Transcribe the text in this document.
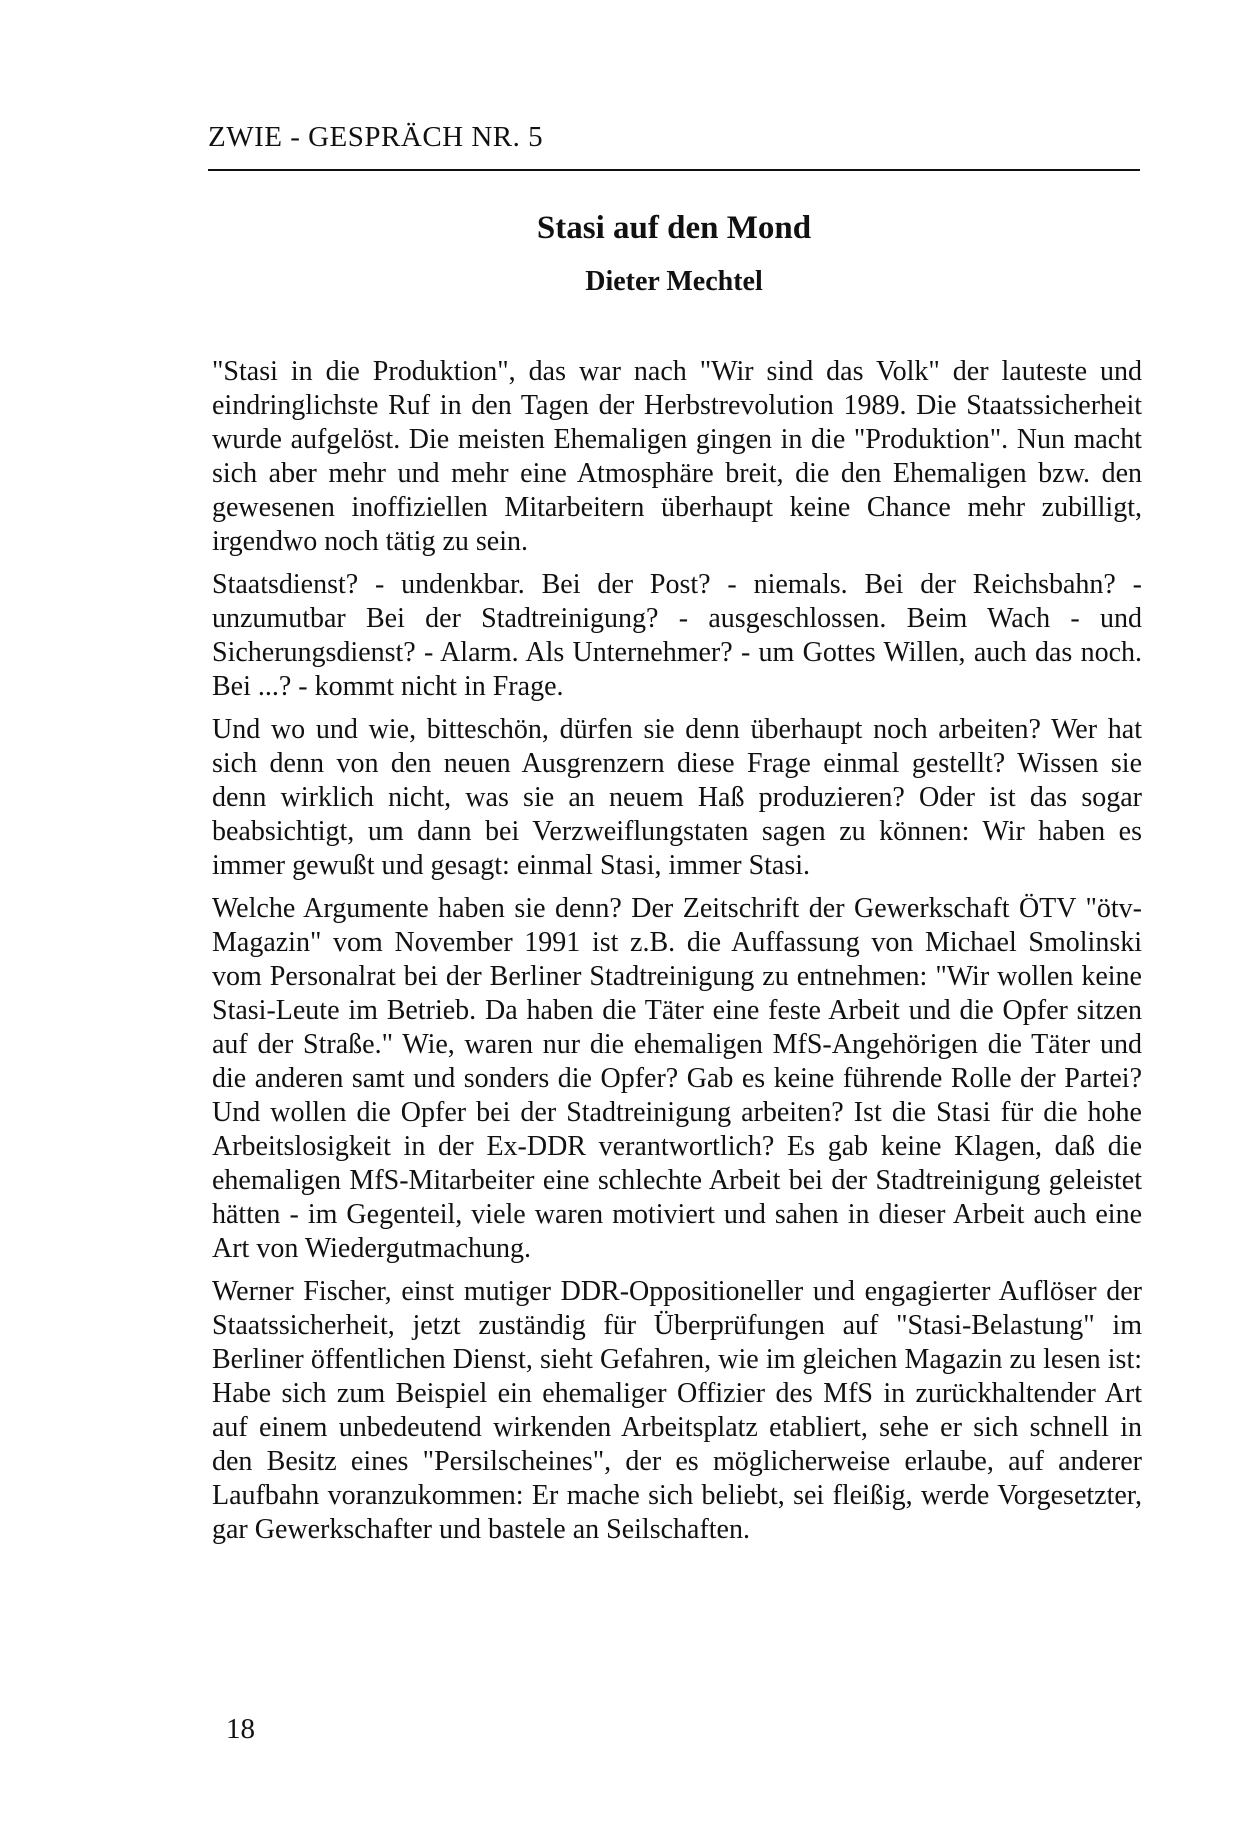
ZWIE - GESPRÄCH NR. 5
Stasi auf den Mond
Dieter Mechtel

"Stasi in die Produktion", das war nach "Wir sind das Volk" der lauteste und eindringlichste Ruf in den Tagen der Herbstrevolution 1989. Die Staatssicherheit wurde aufgelöst. Die meisten Ehemaligen gingen in die "Produktion". Nun macht sich aber mehr und mehr eine Atmosphäre breit, die den Ehemaligen bzw. den gewesenen inoffiziellen Mitarbeitern überhaupt keine Chance mehr zubilligt, irgendwo noch tätig zu sein.

Staatsdienst? - undenkbar. Bei der Post? - niemals. Bei der Reichsbahn? - unzumutbar Bei der Stadtreinigung? - ausgeschlossen. Beim Wach - und Sicherungsdienst? - Alarm. Als Unternehmer? - um Gottes Willen, auch das noch. Bei ...? - kommt nicht in Frage.

Und wo und wie, bitteschön, dürfen sie denn überhaupt noch arbeiten? Wer hat sich denn von den neuen Ausgrenzern diese Frage einmal gestellt? Wissen sie denn wirklich nicht, was sie an neuem Haß produzieren? Oder ist das sogar beabsichtigt, um dann bei Verzweiflungstaten sagen zu können: Wir haben es immer gewußt und gesagt: einmal Stasi, immer Stasi.

Welche Argumente haben sie denn? Der Zeitschrift der Gewerkschaft ÖTV "ötv-Magazin" vom November 1991 ist z.B. die Auffassung von Michael Smolinski vom Personalrat bei der Berliner Stadtreinigung zu entnehmen: "Wir wollen keine Stasi-Leute im Betrieb. Da haben die Täter eine feste Arbeit und die Opfer sitzen auf der Straße." Wie, waren nur die ehemaligen MfS-Angehörigen die Täter und die anderen samt und sonders die Opfer? Gab es keine führende Rolle der Partei? Und wollen die Opfer bei der Stadtreinigung arbeiten? Ist die Stasi für die hohe Arbeitslosigkeit in der Ex-DDR verantwortlich? Es gab keine Klagen, daß die ehemaligen MfS-Mitarbeiter eine schlechte Arbeit bei der Stadtreinigung geleistet hätten - im Gegenteil, viele waren motiviert und sahen in dieser Arbeit auch eine Art von Wiedergutmachung.

Werner Fischer, einst mutiger DDR-Oppositioneller und engagierter Auflöser der Staatssicherheit, jetzt zuständig für Überprüfungen auf "Stasi-Belastung" im Berliner öffentlichen Dienst, sieht Gefahren, wie im gleichen Magazin zu lesen ist: Habe sich zum Beispiel ein ehemaliger Offizier des MfS in zurückhaltender Art auf einem unbedeutend wirkenden Arbeitsplatz etabliert, sehe er sich schnell in den Besitz eines "Persilscheines", der es möglicherweise erlaube, auf anderer Laufbahn voranzukommen: Er mache sich beliebt, sei fleißig, werde Vorgesetzter, gar Gewerkschafter und bastele an Seilschaften.

18
